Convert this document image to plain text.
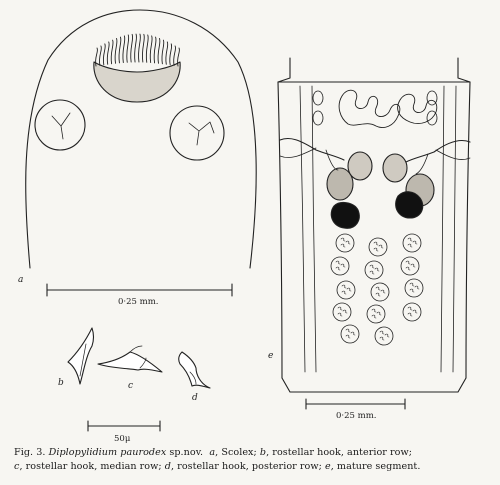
a
b	c
d
e
0·25 mm.
50μ
0·25 mm.
Fig. 3. Diplopylidium paurodex sp.nov. a, Scolex; b, rostellar hook, anterior row;
c, rostellar hook, median row; d, rostellar hook, posterior row; e, mature segment.
